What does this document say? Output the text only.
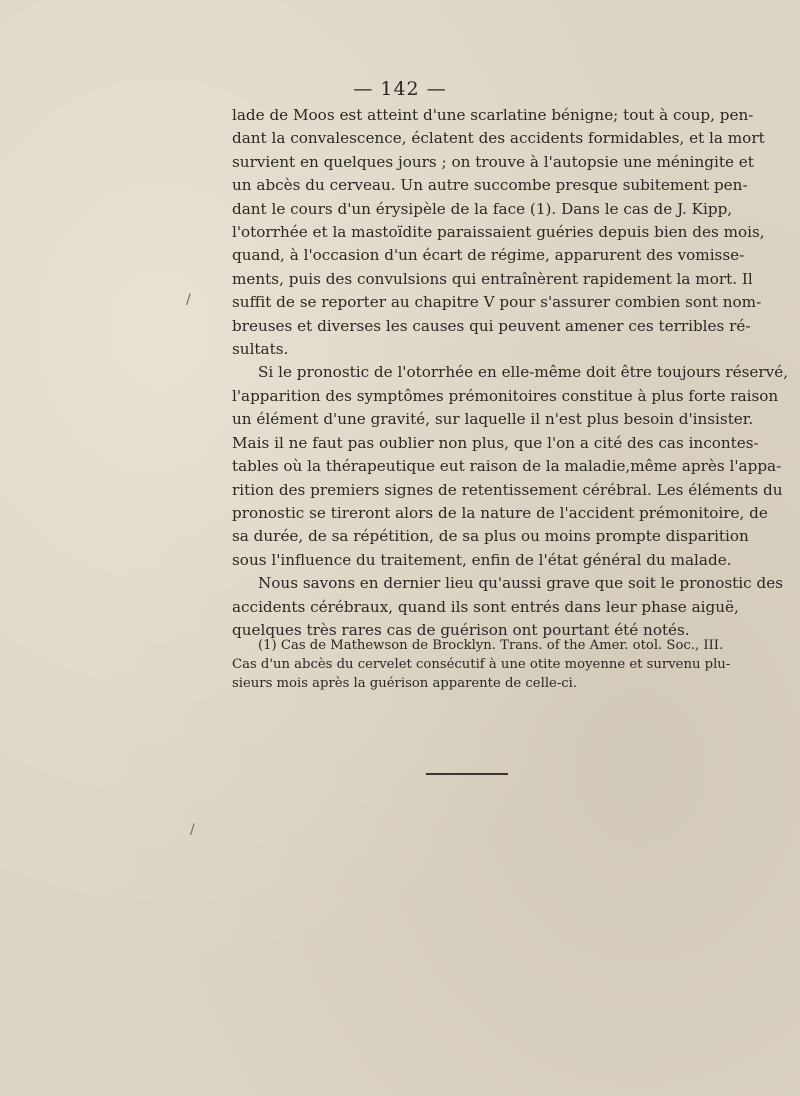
— 142 —
lade de Moos est atteint d'une scarlatine bénigne; tout à coup, pen-
dant la convalescence, éclatent des accidents formidables, et la mort
survient en quelques jours ; on trouve à l'autopsie une méningite et
un abcès du cerveau. Un autre succombe presque subitement pen-
dant le cours d'un érysipèle de la face (1). Dans le cas de J. Kipp,
l'otorrhée et la mastoïdite paraissaient guéries depuis bien des mois,
quand, à l'occasion d'un écart de régime, apparurent des vomisse-
ments, puis des convulsions qui entraînèrent rapidement la mort. Il
suffit de se reporter au chapitre V pour s'assurer combien sont nom-
breuses et diverses les causes qui peuvent amener ces terribles ré-
sultats.
Si le pronostic de l'otorrhée en elle-même doit être toujours réservé,
l'apparition des symptômes prémonitoires constitue à plus forte raison
un élément d'une gravité, sur laquelle il n'est plus besoin d'insister.
Mais il ne faut pas oublier non plus, que l'on a cité des cas incontes-
tables où la thérapeutique eut raison de la maladie,même après l'appa-
rition des premiers signes de retentissement cérébral. Les éléments du
pronostic se tireront alors de la nature de l'accident prémonitoire, de
sa durée, de sa répétition, de sa plus ou moins prompte disparition
sous l'influence du traitement, enfin de l'état général du malade.
Nous savons en dernier lieu qu'aussi grave que soit le pronostic des
accidents cérébraux, quand ils sont entrés dans leur phase aiguë,
quelques très rares cas de guérison ont pourtant été notés.
(1) Cas de Mathewson de Brocklyn. Trans. of the Amer. otol. Soc., III.
Cas d'un abcès du cervelet consécutif à une otite moyenne et survenu plu-
sieurs mois après la guérison apparente de celle-ci.
/
/
